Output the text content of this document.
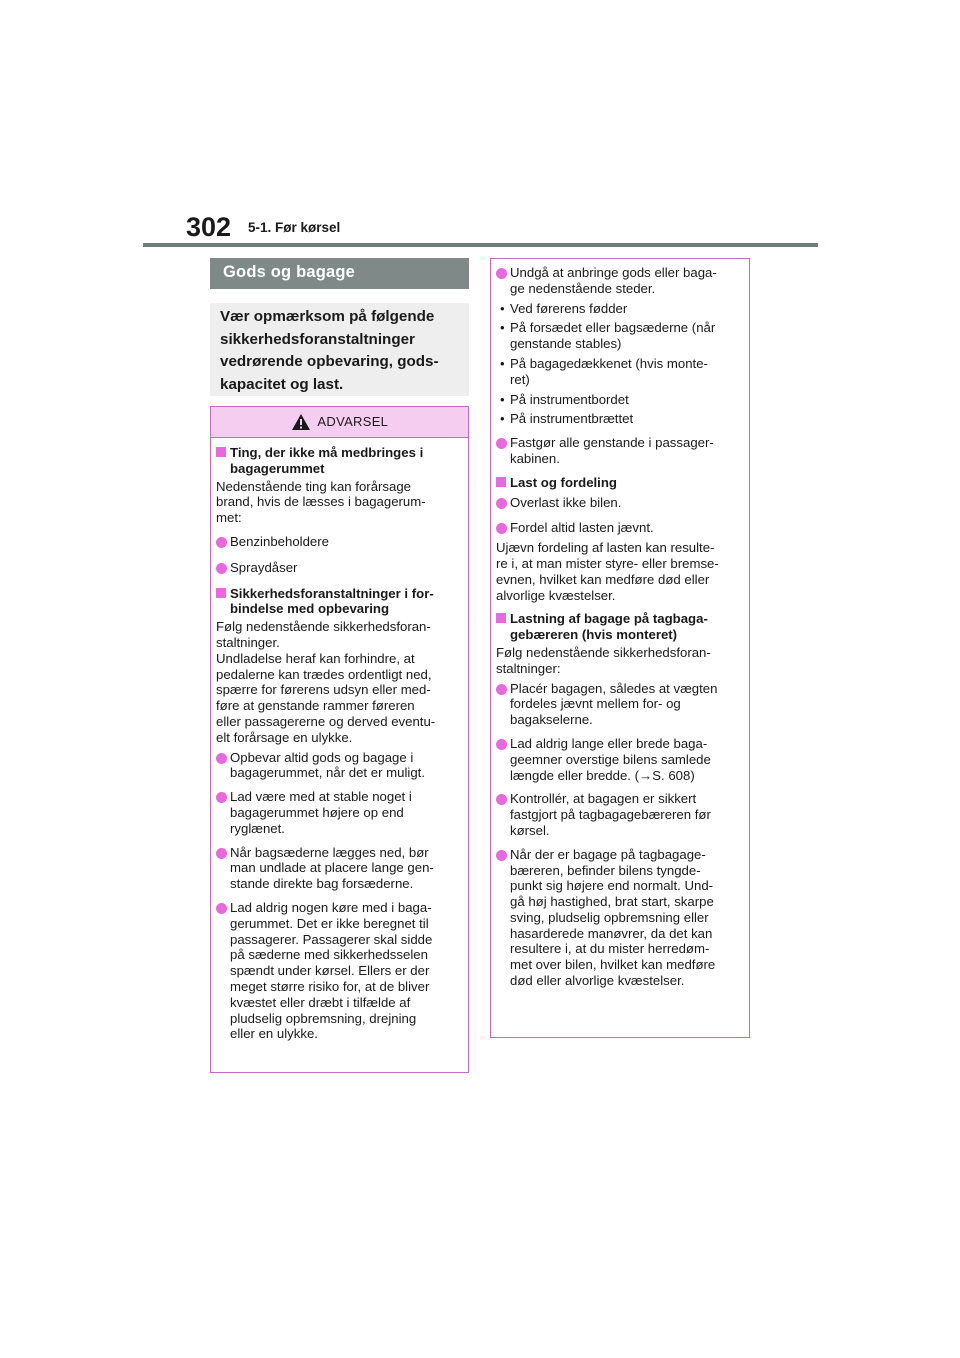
302 5-1. Før kørsel
Gods og bagage
Vær opmærksom på følgende
sikkerhedsforanstaltninger
vedrørende opbevaring, gods-
kapacitet og last.
ADVARSEL
Ting, der ikke må medbringes i
bagagerummet
Nedenstående ting kan forårsage
brand, hvis de læsses i bagagerum-
met:
Benzinbeholdere
Spraydåser
Sikkerhedsforanstaltninger i for-
bindelse med opbevaring
Følg nedenstående sikkerhedsforan-
staltninger.
Undladelse heraf kan forhindre, at
pedalerne kan trædes ordentligt ned,
spærre for førerens udsyn eller med-
føre at genstande rammer føreren
eller passagererne og derved eventu-
elt forårsage en ulykke.
Opbevar altid gods og bagage i
bagagerummet, når det er muligt.
Lad være med at stable noget i
bagagerummet højere op end
ryglænet.
Når bagsæderne lægges ned, bør
man undlade at placere lange gen-
stande direkte bag forsæderne.
Lad aldrig nogen køre med i baga-
gerummet. Det er ikke beregnet til
passagerer. Passagerer skal sidde
på sæderne med sikkerhedsselen
spændt under kørsel. Ellers er der
meget større risiko for, at de bliver
kvæstet eller dræbt i tilfælde af
pludselig opbremsning, drejning
eller en ulykke.
Undgå at anbringe gods eller baga-
ge nedenstående steder.
• Ved førerens fødder
• På forsædet eller bagsæderne (når
genstande stables)
• På bagagedækkenet (hvis monte-
ret)
• På instrumentbordet
• På instrumentbrættet
Fastgør alle genstande i passager-
kabinen.
Last og fordeling
Overlast ikke bilen.
Fordel altid lasten jævnt.
Ujævn fordeling af lasten kan resulte-
re i, at man mister styre- eller bremse-
evnen, hvilket kan medføre død eller
alvorlige kvæstelser.
Lastning af bagage på tagbaga-
gebæreren (hvis monteret)
Følg nedenstående sikkerhedsforan-
staltninger:
Placér bagagen, således at vægten
fordeles jævnt mellem for- og
bagakselerne.
Lad aldrig lange eller brede baga-
geemner overstige bilens samlede
længde eller bredde. (→S. 608)
Kontrollér, at bagagen er sikkert
fastgjort på tagbagagebæreren før
kørsel.
Når der er bagage på tagbagage-
bæreren, befinder bilens tyngde-
punkt sig højere end normalt. Und-
gå høj hastighed, brat start, skarpe
sving, pludselig opbremsning eller
hasarderede manøvrer, da det kan
resultere i, at du mister herredøm-
met over bilen, hvilket kan medføre
død eller alvorlige kvæstelser.
